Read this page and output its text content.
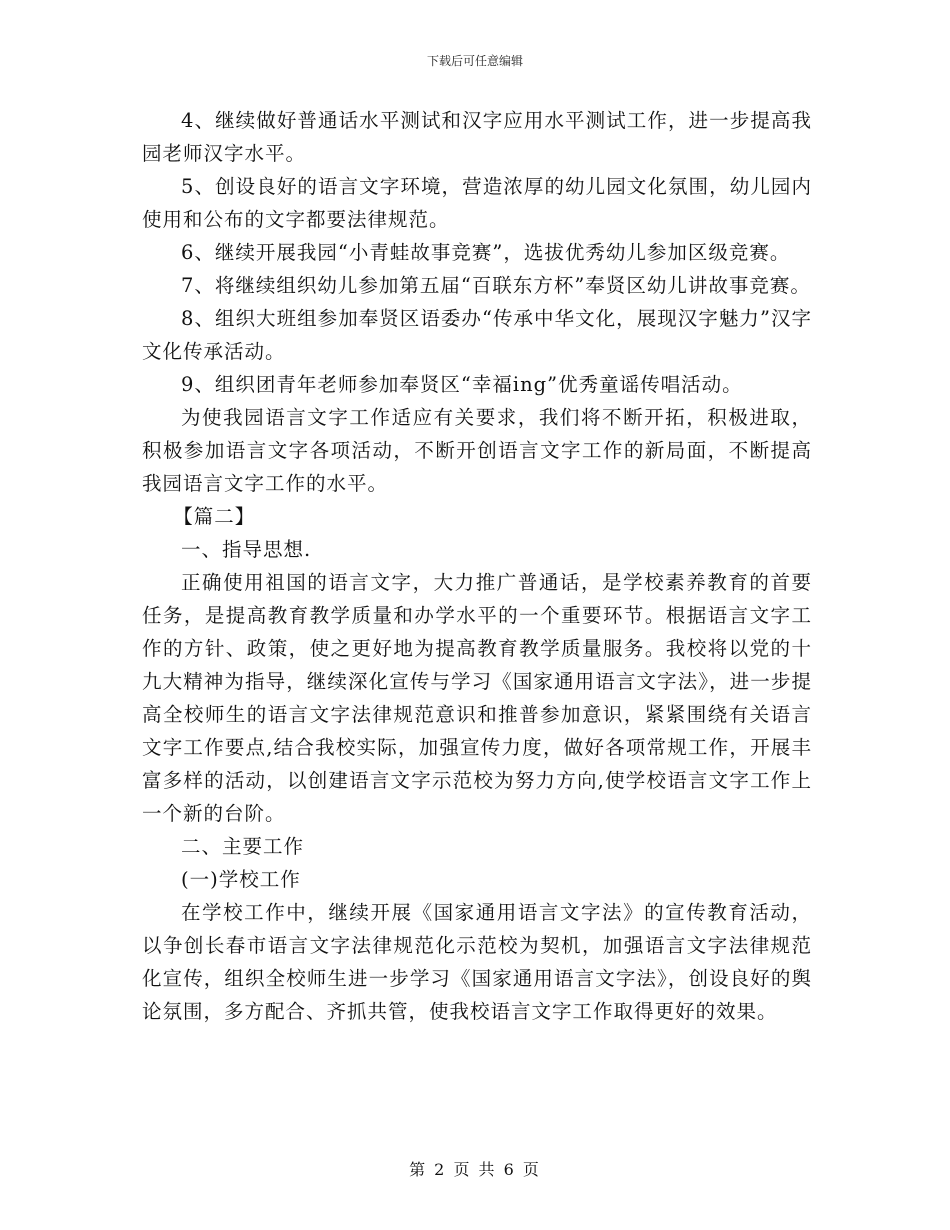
下载后可任意编辑

4、继续做好普通话水平测试和汉字应用水平测试工作，进一步提高我园老师汉字水平。

5、创设良好的语言文字环境，营造浓厚的幼儿园文化氛围，幼儿园内使用和公布的文字都要法律规范。

6、继续开展我园“小青蛙故事竞赛”，选拔优秀幼儿参加区级竞赛。

7、将继续组织幼儿参加第五届“百联东方杯”奉贤区幼儿讲故事竞赛。

8、组织大班组参加奉贤区语委办“传承中华文化，展现汉字魅力”汉字文化传承活动。

9、组织团青年老师参加奉贤区“幸福ing”优秀童谣传唱活动。

为使我园语言文字工作适应有关要求，我们将不断开拓，积极进取，积极参加语言文字各项活动，不断开创语言文字工作的新局面，不断提高我园语言文字工作的水平。

【篇二】

一、指导思想.

正确使用祖国的语言文字，大力推广普通话，是学校素养教育的首要任务，是提高教育教学质量和办学水平的一个重要环节。根据语言文字工作的方针、政策，使之更好地为提高教育教学质量服务。我校将以党的十九大精神为指导，继续深化宣传与学习《国家通用语言文字法》，进一步提高全校师生的语言文字法律规范意识和推普参加意识，紧紧围绕有关语言文字工作要点,结合我校实际，加强宣传力度，做好各项常规工作，开展丰富多样的活动，以创建语言文字示范校为努力方向,使学校语言文字工作上一个新的台阶。

二、主要工作

(一)学校工作

在学校工作中，继续开展《国家通用语言文字法》的宣传教育活动，以争创长春市语言文字法律规范化示范校为契机，加强语言文字法律规范化宣传，组织全校师生进一步学习《国家通用语言文字法》，创设良好的舆论氛围，多方配合、齐抓共管，使我校语言文字工作取得更好的效果。

第 2 页 共 6 页
